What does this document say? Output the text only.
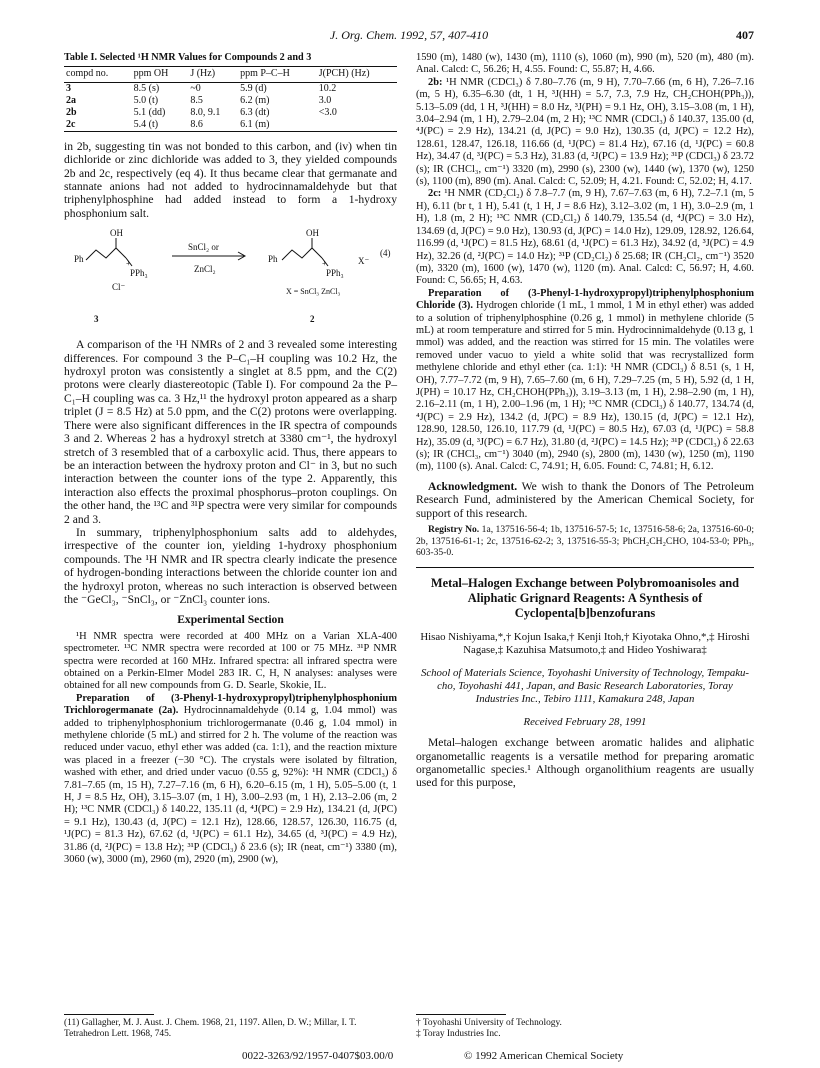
J. Org. Chem. 1992, 57, 407-410	407
Table I. Selected ¹H NMR Values for Compounds 2 and 3
compd no.	ppm OH	J (Hz)	ppm P–C–H	J(PCH) (Hz)
3	8.5 (s)	~0	5.9 (d)	10.2
2a	5.0 (t)	8.5	6.2 (m)	3.0
2b	5.1 (dd)	8.0, 9.1	6.3 (dt)	<3.0
2c	5.4 (t)	8.6	6.1 (m)	

in 2b, suggesting tin was not bonded to this carbon, and (iv) when tin dichloride or zinc dichloride was added to 3, they yielded compounds 2b and 2c, respectively (eq 4). It thus became clear that germanate and stannate anions had not added to hydrocinnamaldehyde but that triphenylphosphine had added instead to form a 1-hydroxy phosphonium salt.

Ph
OH
+
PPh₃
Cl⁻
SnCl₂ or
ZnCl₂
Ph
OH
+
PPh₃
X⁻
(4)
X = SnCl₃ ZnCl₃
3	2

A comparison of the ¹H NMRs of 2 and 3 revealed some interesting differences. For compound 3 the P–C₁–H coupling was 10.2 Hz, the hydroxyl proton was consistently a singlet at 8.5 ppm, and the C(2) protons were clearly diastereotopic (Table I). For compound 2a the P–C₁–H coupling was ca. 3 Hz,¹¹ the hydroxyl proton appeared as a sharp triplet (J = 8.5 Hz) at 5.0 ppm, and the C(2) protons were overlapping. There were also significant differences in the IR spectra of compounds 3 and 2. Whereas 2 has a hydroxyl stretch at 3380 cm⁻¹, the hydroxyl stretch of 3 resembled that of a carboxylic acid. Thus, there appears to be an interaction between the hydroxy proton and Cl⁻ in 3, but no such interaction between the counter ions of the type 2. Apparently, this interaction also effects the proximal phosphorus–proton couplings. On the other hand, the ¹³C and ³¹P spectra were very similar for compounds 2 and 3.

In summary, triphenylphosphonium salts add to aldehydes, irrespective of the counter ion, yielding 1-hydroxy phosphonium compounds. The ¹H NMR and IR spectra clearly indicate the presence of hydrogen-bonding interactions between the chloride counter ion and the hydroxyl proton, whereas no such interaction is observed between the ⁻GeCl₃, ⁻SnCl₃, or ⁻ZnCl₃ counter ions.

Experimental Section

¹H NMR spectra were recorded at 400 MHz on a Varian XLA-400 spectrometer. ¹³C NMR spectra were recorded at 100 or 75 MHz. ³¹P NMR spectra were recorded at 160 MHz. Infrared spectra: all infrared spectra were obtained on a Perkin-Elmer Model 283 IR. C, H, N analyses: analyses were obtained for all new compounds from G. D. Searle, Skokie, IL.

Preparation of (3-Phenyl-1-hydroxypropyl)triphenylphosphonium Trichlorogermanate (2a). Hydrocinnamaldehyde (0.14 g, 1.04 mmol) was added to triphenylphosphonium trichlorogermanate (0.46 g, 1.04 mmol) in methylene chloride (5 mL) and stirred for 2 h. The volume of the reaction was reduced under vacuo, ethyl ether was added (ca. 1:1), and the reaction mixture was placed in a freezer (−30 °C). The crystals were isolated by filtration, washed with ether, and dried under vacuo (0.55 g, 92%): ¹H NMR (CDCl₃) δ 7.81–7.65 (m, 15 H), 7.27–7.16 (m, 6 H), 6.20–6.15 (m, 1 H), 5.05–5.00 (t, 1 H, J = 8.5 Hz, OH), 3.15–3.07 (m, 1 H), 3.00–2.93 (m, 1 H), 2.13–2.06 (m, 2 H); ¹³C NMR (CDCl₃) δ 140.22, 135.11 (d, ⁴J(PC) = 2.9 Hz), 134.21 (d, J(PC) = 9.1 Hz), 130.43 (d, J(PC) = 12.1 Hz), 128.66, 128.57, 126.30, 116.75 (d, ¹J(PC) = 81.3 Hz), 67.62 (d, ¹J(PC) = 61.1 Hz), 34.65 (d, ³J(PC) = 4.9 Hz), 31.86 (d, ²J(PC) = 13.8 Hz); ³¹P (CDCl₃) δ 23.6 (s); IR (neat, cm⁻¹) 3380 (m), 3060 (w), 3000 (m), 2960 (m), 2920 (m), 2900 (w),

1590 (m), 1480 (w), 1430 (m), 1110 (s), 1060 (m), 990 (m), 520 (m), 480 (m). Anal. Calcd: C, 56.26; H, 4.55. Found: C, 55.87; H, 4.66.

2b: ¹H NMR (CDCl₃) δ 7.80–7.76 (m, 9 H), 7.70–7.66 (m, 6 H), 7.26–7.16 (m, 5 H), 6.35–6.30 (dt, 1 H, ³J(HH) = 5.7, 7.3, 7.9 Hz, CH₂CHOH(PPh₃)), 5.13–5.09 (dd, 1 H, ³J(HH) = 8.0 Hz, ³J(PH) = 9.1 Hz, OH), 3.15–3.08 (m, 1 H), 3.04–2.94 (m, 1 H), 2.79–2.04 (m, 2 H); ¹³C NMR (CDCl₃) δ 140.37, 135.00 (d, ⁴J(PC) = 2.9 Hz), 134.21 (d, J(PC) = 9.0 Hz), 130.35 (d, J(PC) = 12.2 Hz), 128.61, 128.47, 126.18, 116.66 (d, ¹J(PC) = 81.4 Hz), 67.16 (d, ¹J(PC) = 60.8 Hz), 34.47 (d, ³J(PC) = 5.3 Hz), 31.83 (d, ²J(PC) = 13.9 Hz); ³¹P (CDCl₃) δ 23.72 (s); IR (CHCl₃, cm⁻¹) 3320 (m), 2990 (s), 2300 (w), 1440 (w), 1370 (w), 1250 (s), 1100 (m), 890 (m). Anal. Calcd: C, 52.09; H, 4.21. Found: C, 52.02; H, 4.17.

2c: ¹H NMR (CD₂Cl₂) δ 7.8–7.7 (m, 9 H), 7.67–7.63 (m, 6 H), 7.2–7.1 (m, 5 H), 6.11 (br t, 1 H), 5.41 (t, 1 H, J = 8.6 Hz), 3.12–3.02 (m, 1 H), 3.0–2.9 (m, 1 H), 1.8 (m, 2 H); ¹³C NMR (CD₂Cl₂) δ 140.79, 135.54 (d, ⁴J(PC) = 3.0 Hz), 134.69 (d, J(PC) = 9.0 Hz), 130.93 (d, J(PC) = 14.0 Hz), 129.09, 128.92, 126.64, 116.99 (d, ¹J(PC) = 81.5 Hz), 68.61 (d, ¹J(PC) = 61.3 Hz), 34.92 (d, ³J(PC) = 4.9 Hz), 32.26 (d, ²J(PC) = 14.0 Hz); ³¹P (CD₂Cl₂) δ 25.68; IR (CH₂Cl₂, cm⁻¹) 3520 (m), 3320 (m), 1600 (w), 1470 (w), 1120 (m). Anal. Calcd: C, 56.97; H, 4.60. Found: C, 56.65; H, 4.63.

Preparation of (3-Phenyl-1-hydroxypropyl)triphenylphosphonium Chloride (3). Hydrogen chloride (1 mL, 1 mmol, 1 M in ethyl ether) was added to a solution of triphenylphosphine (0.26 g, 1 mmol) in methylene chloride (5 mL) at room temperature and stirred for 5 min. Hydrocinnimaldehyde (0.13 g, 1 mmol) was added, and the reaction was stirred for 15 min. The volatiles were removed under vacuo to yield a white solid that was recrystallized form methylene chloride and ethyl ether (ca. 1:1): ¹H NMR (CDCl₃) δ 8.51 (s, 1 H, OH), 7.77–7.72 (m, 9 H), 7.65–7.60 (m, 6 H), 7.29–7.25 (m, 5 H), 5.92 (d, 1 H, J(PH) = 10.17 Hz, CH₂CHOH(PPh₃)), 3.19–3.13 (m, 1 H), 2.98–2.90 (m, 1 H), 2.16–2.11 (m, 1 H), 2.00–1.96 (m, 1 H); ¹³C NMR (CDCl₃) δ 140.77, 134.74 (d, ⁴J(PC) = 2.9 Hz), 134.2 (d, J(PC) = 8.9 Hz), 130.15 (d, J(PC) = 12.1 Hz), 128.90, 128.50, 126.10, 117.79 (d, ¹J(PC) = 80.5 Hz), 67.03 (d, ¹J(PC) = 58.8 Hz), 35.09 (d, ³J(PC) = 6.7 Hz), 31.80 (d, ²J(PC) = 14.5 Hz); ³¹P (CDCl₃) δ 22.63 (s); IR (CHCl₃, cm⁻¹) 3040 (m), 2940 (s), 2800 (m), 1430 (w), 1250 (m), 1190 (m), 1100 (s). Anal. Calcd: C, 74.91; H, 6.05. Found: C, 74.81; H, 6.12.

Acknowledgment. We wish to thank the Donors of The Petroleum Research Fund, administered by the American Chemical Society, for support of this research.

Registry No. 1a, 137516-56-4; 1b, 137516-57-5; 1c, 137516-58-6; 2a, 137516-60-0; 2b, 137516-61-1; 2c, 137516-62-2; 3, 137516-55-3; PhCH₂CH₂CHO, 104-53-0; PPh₃, 603-35-0.

Metal–Halogen Exchange between Polybromoanisoles and Aliphatic Grignard Reagents: A Synthesis of Cyclopenta[b]benzofurans
Hisao Nishiyama,*,† Kojun Isaka,† Kenji Itoh,† Kiyotaka Ohno,*,‡ Hiroshi Nagase,‡ Kazuhisa Matsumoto,‡ and Hideo Yoshiwara‡
School of Materials Science, Toyohashi University of Technology, Tempaku-cho, Toyohashi 441, Japan, and Basic Research Laboratories, Toray Industries Inc., Tebiro 1111, Kamakura 248, Japan
Received February 28, 1991

Metal–halogen exchange between aromatic halides and aliphatic organometallic reagents is a versatile method for preparing aromatic organometallic species.¹ Although organolithium reagents are usually used for this purpose,

(11) Gallagher, M. J. Aust. J. Chem. 1968, 21, 1197. Allen, D. W.; Millar, I. T. Tetrahedron Lett. 1968, 745.
† Toyohashi University of Technology.
‡ Toray Industries Inc.
0022-3263/92/1957-0407$03.00/0	© 1992 American Chemical Society
